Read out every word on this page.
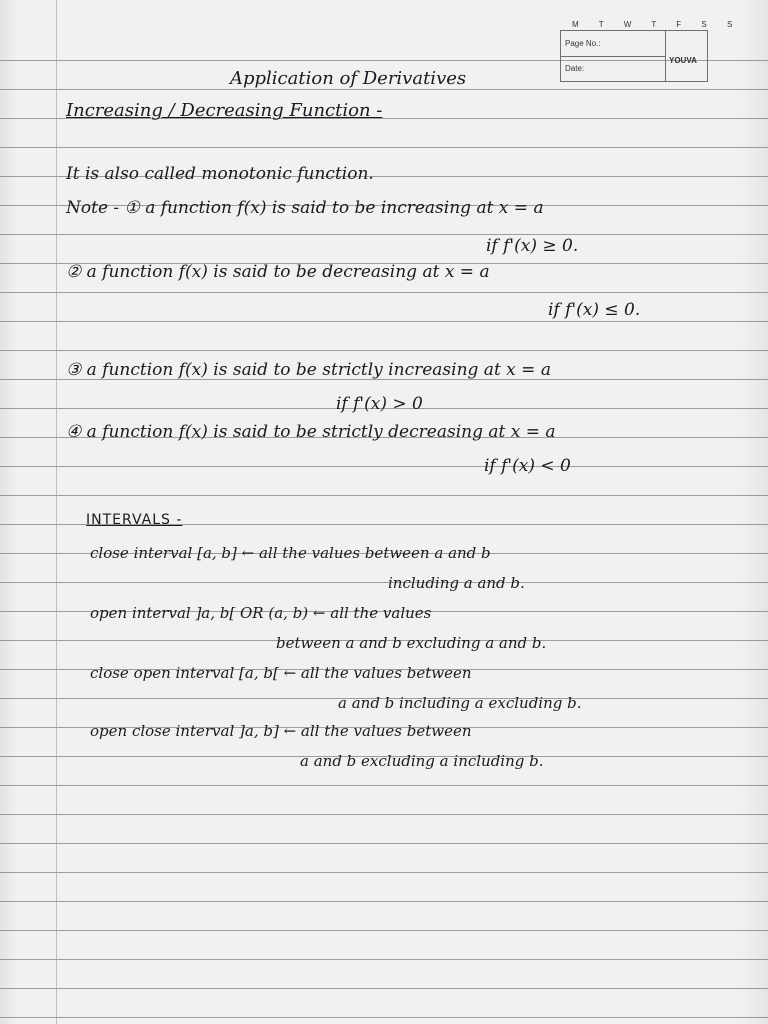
M T W T F S S
Page No.:
Date:
YOUVA
Application of Derivatives
Increasing / Decreasing Function -
It is also called monotonic function.
Note - ① a function f(x) is said to be increasing at x = a
if f'(x) ≥ 0.
② a function f(x) is said to be decreasing at x = a
if f'(x) ≤ 0.
③ a function f(x) is said to be strictly increasing at x = a
if f'(x) > 0
④ a function f(x) is said to be strictly decreasing at x = a
if f'(x) < 0
INTERVALS -
close interval [a, b] ← all the values between a and b
including a and b.
open interval ]a, b[ OR (a, b) ← all the values
between a and b excluding a and b.
close open interval [a, b[ ← all the values between
a and b including a excluding b.
open close interval ]a, b] ← all the values between
a and b excluding a including b.
